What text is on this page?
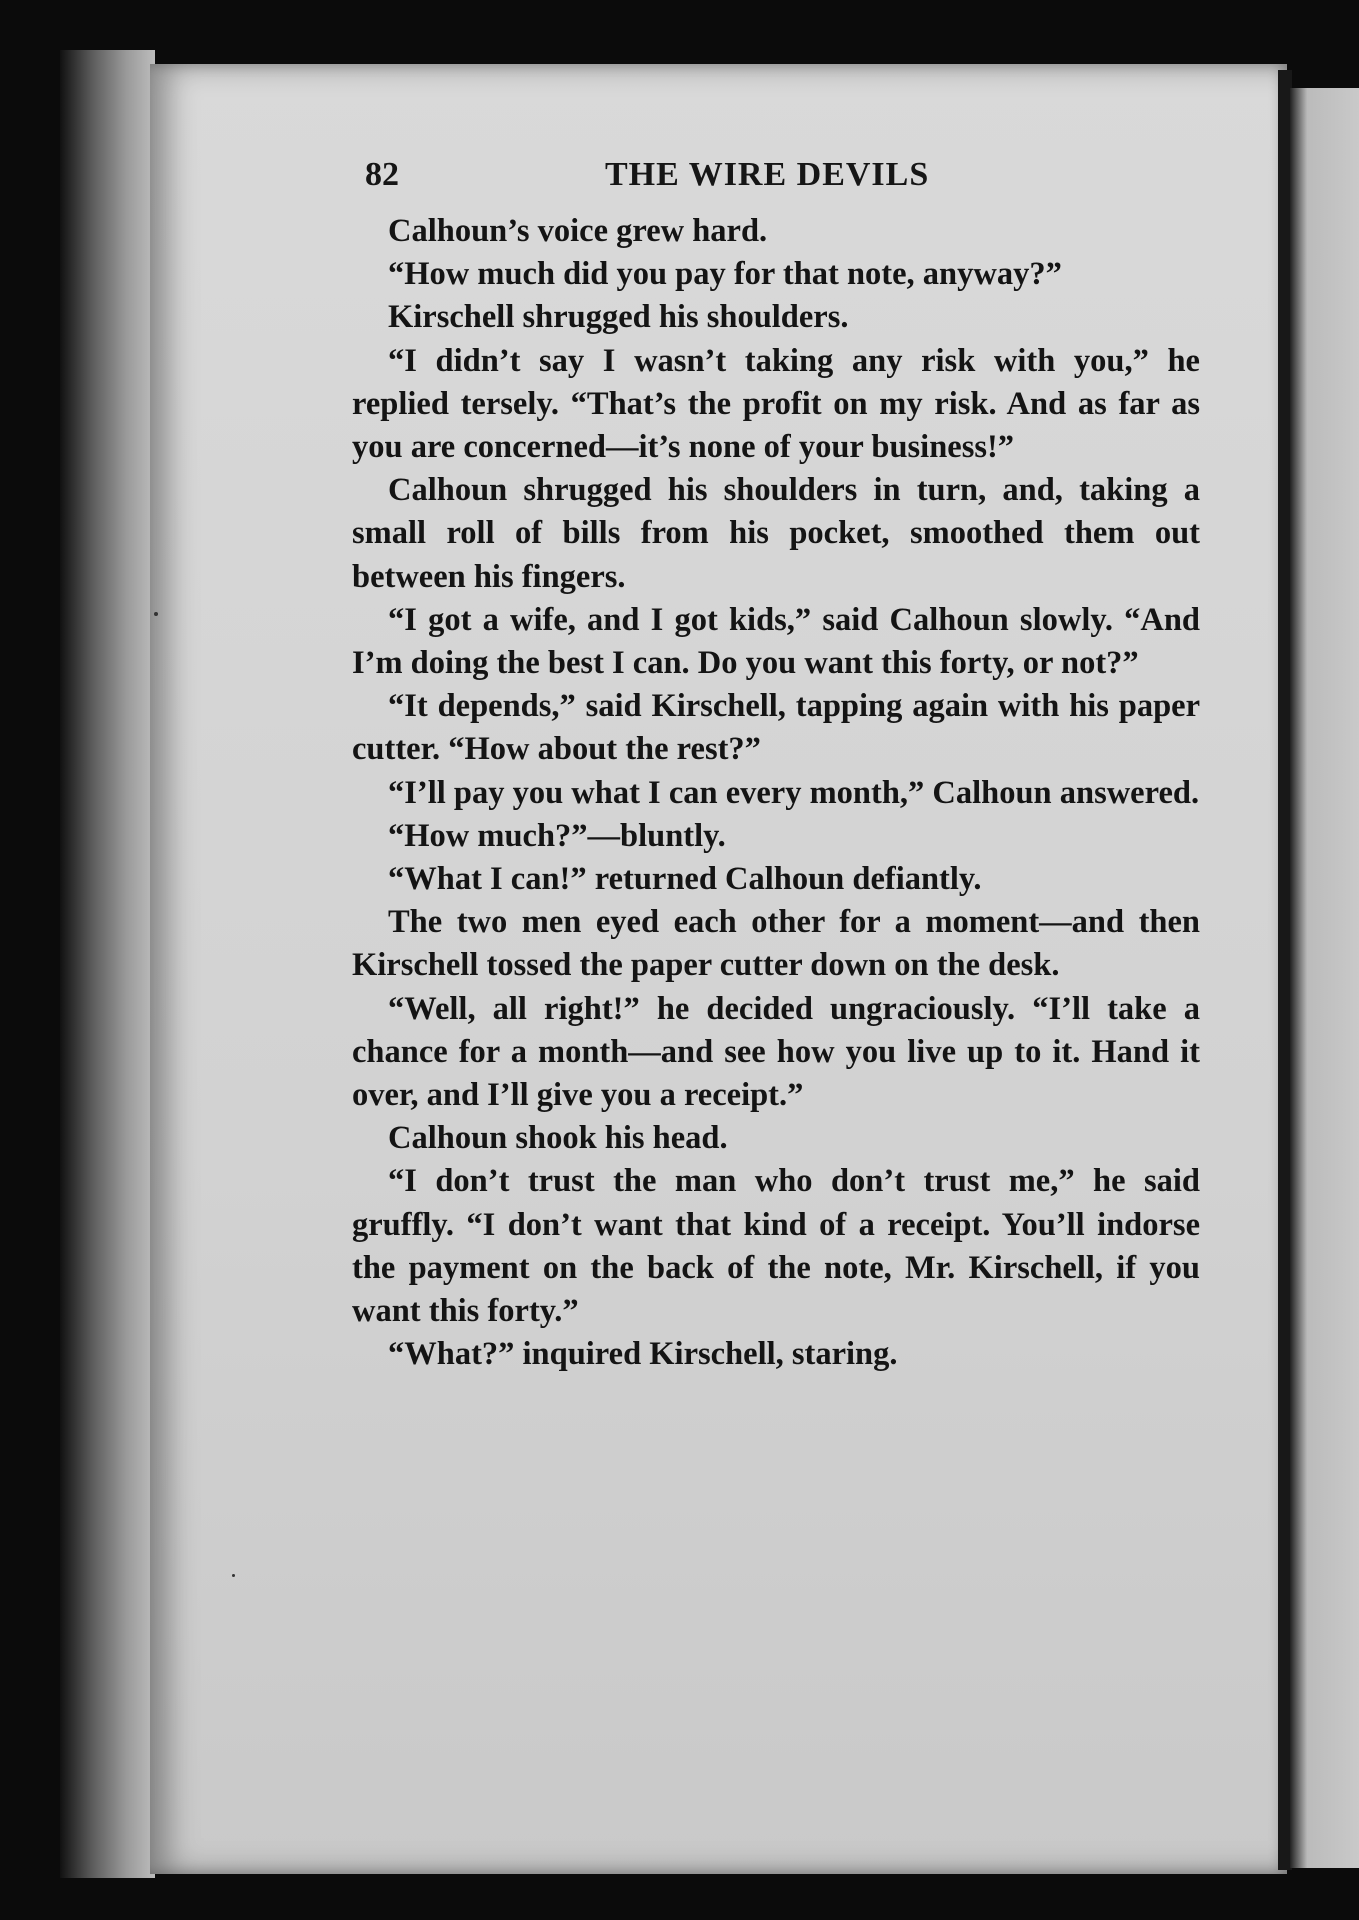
82	THE WIRE DEVILS

Calhoun’s voice grew hard.

“How much did you pay for that note, anyway?”

Kirschell shrugged his shoulders.

“I didn’t say I wasn’t taking any risk with you,” he replied tersely. “That’s the profit on my risk. And as far as you are concerned—it’s none of your business!”

Calhoun shrugged his shoulders in turn, and, taking a small roll of bills from his pocket, smoothed them out between his fingers.

“I got a wife, and I got kids,” said Calhoun slowly. “And I’m doing the best I can. Do you want this forty, or not?”

“It depends,” said Kirschell, tapping again with his paper cutter. “How about the rest?”

“I’ll pay you what I can every month,” Calhoun answered.

“How much?”—bluntly.

“What I can!” returned Calhoun defiantly.

The two men eyed each other for a moment—and then Kirschell tossed the paper cutter down on the desk.

“Well, all right!” he decided ungraciously. “I’ll take a chance for a month—and see how you live up to it. Hand it over, and I’ll give you a receipt.”

Calhoun shook his head.

“I don’t trust the man who don’t trust me,” he said gruffly. “I don’t want that kind of a receipt. You’ll indorse the payment on the back of the note, Mr. Kirschell, if you want this forty.”

“What?” inquired Kirschell, staring.
